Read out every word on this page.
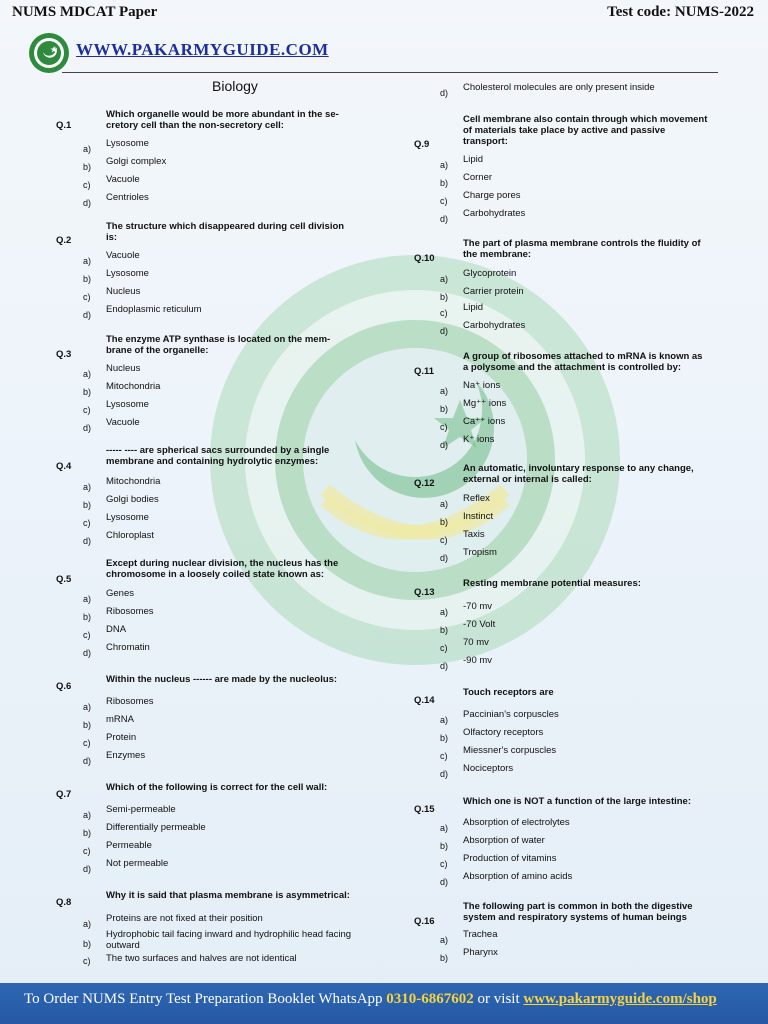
NUMS MDCAT Paper	Test code: NUMS-2022
WWW.PAKARMYGUIDE.COM
Biology
Q.1
Which organelle would be more abundant in the se-
cretory cell than the non-secretory cell:
a) Lysosome
b) Golgi complex
c) Vacuole
d) Centrioles
Q.2
The structure which disappeared during cell division
is:
a) Vacuole
b) Lysosome
c) Nucleus
d) Endoplasmic reticulum
Q.3
The enzyme ATP synthase is located on the mem-
brane of the organelle:
a) Nucleus
b) Mitochondria
c) Lysosome
d) Vacuole
Q.4
----- ---- are spherical sacs surrounded by a single
membrane and containing hydrolytic enzymes:
a) Mitochondria
b) Golgi bodies
c) Lysosome
d) Chloroplast
Q.5
Except during nuclear division, the nucleus has the
chromosome in a loosely coiled state known as:
a) Genes
b) Ribosomes
c) DNA
d) Chromatin
Q.6
Within the nucleus ------ are made by the nucleolus:
a) Ribosomes
b) mRNA
c) Protein
d) Enzymes
Q.7
Which of the following is correct for the cell wall:
a) Semi-permeable
b) Differentially permeable
c) Permeable
d) Not permeable
Q.8
Why it is said that plasma membrane is asymmetrical:
a) Proteins are not fixed at their position
b)
Hydrophobic tail facing inward and hydrophilic head facing outward
c) The two surfaces and halves are not identical
d) Cholesterol molecules are only present inside
Q.9
Cell membrane also contain through which movement
of materials take place by active and passive
transport:
a) Lipid
b) Corner
c) Charge pores
d) Carbohydrates
Q.10
The part of plasma membrane controls the fluidity of
the membrane:
a) Glycoprotein
b) Carrier protein
c) Lipid
d) Carbohydrates
Q.11
A group of ribosomes attached to mRNA is known as
a polysome and the attachment is controlled by:
a) Na⁺ ions
b) Mg⁺⁺ ions
c) Ca⁺⁺ ions
d) K⁺ ions
Q.12
An automatic, involuntary response to any change,
external or internal is called:
a) Reflex
b) Instinct
c) Taxis
d) Tropism
Q.13
Resting membrane potential measures:
a) -70 mv
b) -70 Volt
c) 70 mv
d) -90 mv
Q.14
Touch receptors are
a) Paccinian's corpuscles
b) Olfactory receptors
c) Miessner's corpuscles
d) Nociceptors
Q.15
Which one is NOT a function of the large intestine:
a) Absorption of electrolytes
b) Absorption of water
c) Production of vitamins
d) Absorption of amino acids
Q.16
The following part is common in both the digestive
system and respiratory systems of human beings
a) Trachea
b) Pharynx
To Order NUMS Entry Test Preparation Booklet WhatsApp 0310-6867602 or visit www.pakarmyguide.com/shop
